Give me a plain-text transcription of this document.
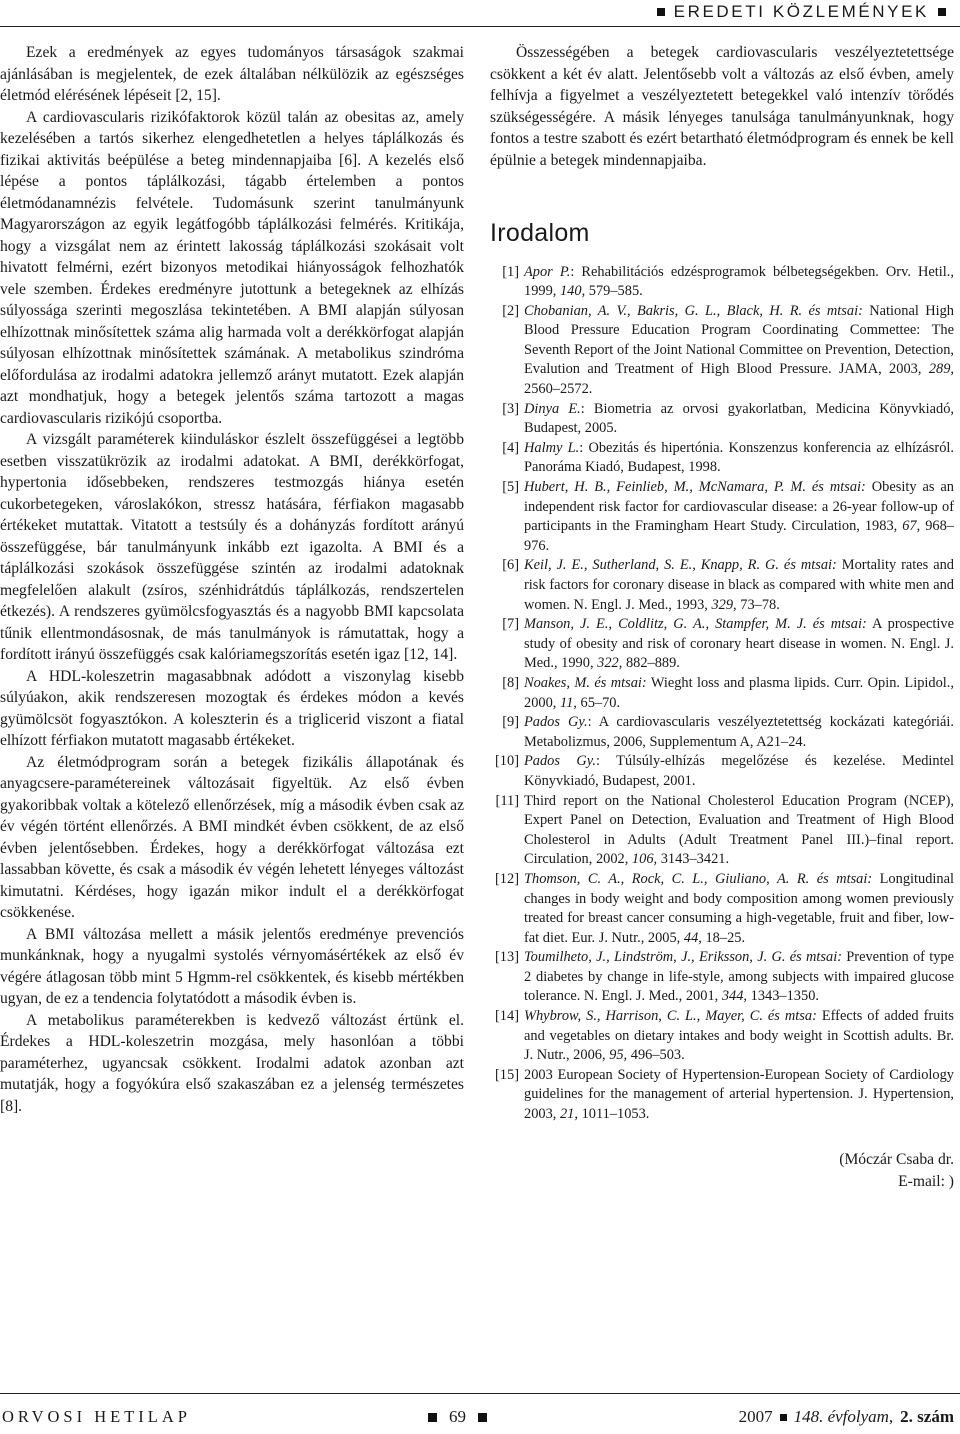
EREDETI KÖZLEMÉNYEK

Ezek a eredmények az egyes tudományos társaságok szakmai ajánlásában is megjelentek, de ezek általában nélkülözik az egészséges életmód elérésének lépéseit [2, 15].

A cardiovascularis rizikófaktorok közül talán az obesitas az, amely kezelésében a tartós sikerhez elengedhetetlen a helyes táplálkozás és fizikai aktivitás beépülése a beteg mindennapjaiba [6]. A kezelés első lépése a pontos táplálkozási, tágabb értelemben a pontos életmódanamnézis felvétele. Tudomásunk szerint tanulmányunk Magyarországon az egyik legátfogóbb táplálkozási felmérés. Kritikája, hogy a vizsgálat nem az érintett lakosság táplálkozási szokásait volt hivatott felmérni, ezért bizonyos metodikai hiányosságok felhozhatók vele szemben. Érdekes eredményre jutottunk a betegeknek az elhízás súlyossága szerinti megoszlása tekintetében. A BMI alapján súlyosan elhízottnak minősítettek száma alig harmada volt a derékkörfogat alapján súlyosan elhízottnak minősítettek számának. A metabolikus szindróma előfordulása az irodalmi adatokra jellemző arányt mutatott. Ezek alapján azt mondhatjuk, hogy a betegek jelentős száma tartozott a magas cardiovascularis rizikójú csoportba.

A vizsgált paraméterek kiinduláskor észlelt összefüggései a legtöbb esetben visszatükrözik az irodalmi adatokat. A BMI, derékkörfogat, hypertonia idősebbeken, rendszeres testmozgás hiánya esetén cukorbetegeken, városlakókon, stressz hatására, férfiakon magasabb értékeket mutattak. Vitatott a testsúly és a dohányzás fordított arányú összefüggése, bár tanulmányunk inkább ezt igazolta. A BMI és a táplálkozási szokások összefüggése szintén az irodalmi adatoknak megfelelően alakult (zsíros, szénhidrátdús táplálkozás, rendszertelen étkezés). A rendszeres gyümölcsfogyasztás és a nagyobb BMI kapcsolata tűnik ellentmondásosnak, de más tanulmányok is rámutattak, hogy a fordított irányú összefüggés csak kalóriamegszorítás esetén igaz [12, 14].

A HDL-koleszetrin magasabbnak adódott a viszonylag kisebb súlyúakon, akik rendszeresen mozogtak és érdekes módon a kevés gyümölcsöt fogyasztókon. A koleszterin és a triglicerid viszont a fiatal elhízott férfiakon mutatott magasabb értékeket.

Az életmódprogram során a betegek fizikális állapotának és anyagcsere-paramétereinek változásait figyeltük. Az első évben gyakoribbak voltak a kötelező ellenőrzések, míg a második évben csak az év végén történt ellenőrzés. A BMI mindkét évben csökkent, de az első évben jelentősebben. Érdekes, hogy a derékkörfogat változása ezt lassabban követte, és csak a második év végén lehetett lényeges változást kimutatni. Kérdéses, hogy igazán mikor indult el a derékkörfogat csökkenése.

A BMI változása mellett a másik jelentős eredménye prevenciós munkánknak, hogy a nyugalmi systolés vérnyomásértékek az első év végére átlagosan több mint 5 Hgmm-rel csökkentek, és kisebb mértékben ugyan, de ez a tendencia folytatódott a második évben is.

A metabolikus paraméterekben is kedvező változást értünk el. Érdekes a HDL-koleszetrin mozgása, mely hasonlóan a többi paraméterhez, ugyancsak csökkent. Irodalmi adatok azonban azt mutatják, hogy a fogyókúra első szakaszában ez a jelenség természetes [8].

Összességében a betegek cardiovascularis veszélyeztetettsége csökkent a két év alatt. Jelentősebb volt a változás az első évben, amely felhívja a figyelmet a veszélyeztetett betegekkel való intenzív törődés szükségességére. A másik lényeges tanulsága tanulmányunknak, hogy fontos a testre szabott és ezért betartható életmódprogram és ennek be kell épülnie a betegek mindennapjaiba.

Irodalom
[1] Apor P.: Rehabilitációs edzésprogramok bélbetegségekben. Orv. Hetil., 1999, 140, 579–585.
[2] Chobanian, A. V., Bakris, G. L., Black, H. R. és mtsai: National High Blood Pressure Education Program Coordinating Commettee: The Seventh Report of the Joint National Committee on Prevention, Detection, Evalution and Treatment of High Blood Pressure. JAMA, 2003, 289, 2560–2572.
[3] Dinya E.: Biometria az orvosi gyakorlatban, Medicina Könyvkiadó, Budapest, 2005.
[4] Halmy L.: Obezitás és hipertónia. Konszenzus konferencia az elhízásról. Panoráma Kiadó, Budapest, 1998.
[5] Hubert, H. B., Feinlieb, M., McNamara, P. M. és mtsai: Obesity as an independent risk factor for cardiovascular disease: a 26-year follow-up of participants in the Framingham Heart Study. Circulation, 1983, 67, 968–976.
[6] Keil, J. E., Sutherland, S. E., Knapp, R. G. és mtsai: Mortality rates and risk factors for coronary disease in black as compared with white men and women. N. Engl. J. Med., 1993, 329, 73–78.
[7] Manson, J. E., Coldlitz, G. A., Stampfer, M. J. és mtsai: A prospective study of obesity and risk of coronary heart disease in women. N. Engl. J. Med., 1990, 322, 882–889.
[8] Noakes, M. és mtsai: Wieght loss and plasma lipids. Curr. Opin. Lipidol., 2000, 11, 65–70.
[9] Pados Gy.: A cardiovascularis veszélyeztetettség kockázati kategóriái. Metabolizmus, 2006, Supplementum A, A21–24.
[10] Pados Gy.: Túlsúly-elhízás megelőzése és kezelése. Medintel Könyvkiadó, Budapest, 2001.
[11] Third report on the National Cholesterol Education Program (NCEP), Expert Panel on Detection, Evaluation and Treatment of High Blood Cholesterol in Adults (Adult Treatment Panel III.)–final report. Circulation, 2002, 106, 3143–3421.
[12] Thomson, C. A., Rock, C. L., Giuliano, A. R. és mtsai: Longitudinal changes in body weight and body composition among women previously treated for breast cancer consuming a high-vegetable, fruit and fiber, low-fat diet. Eur. J. Nutr., 2005, 44, 18–25.
[13] Toumilheto, J., Lindström, J., Eriksson, J. G. és mtsai: Prevention of type 2 diabetes by change in life-style, among subjects with impaired glucose tolerance. N. Engl. J. Med., 2001, 344, 1343–1350.
[14] Whybrow, S., Harrison, C. L., Mayer, C. és mtsa: Effects of added fruits and vegetables on dietary intakes and body weight in Scottish adults. Br. J. Nutr., 2006, 95, 496–503.
[15] 2003 European Society of Hypertension-European Society of Cardiology guidelines for the management of arterial hypertension. J. Hypertension, 2003, 21, 1011–1053.
(Móczár Csaba dr.
E-mail: )
ORVOSI HETILAP	69	2007 148. évfolyam, 2. szám
